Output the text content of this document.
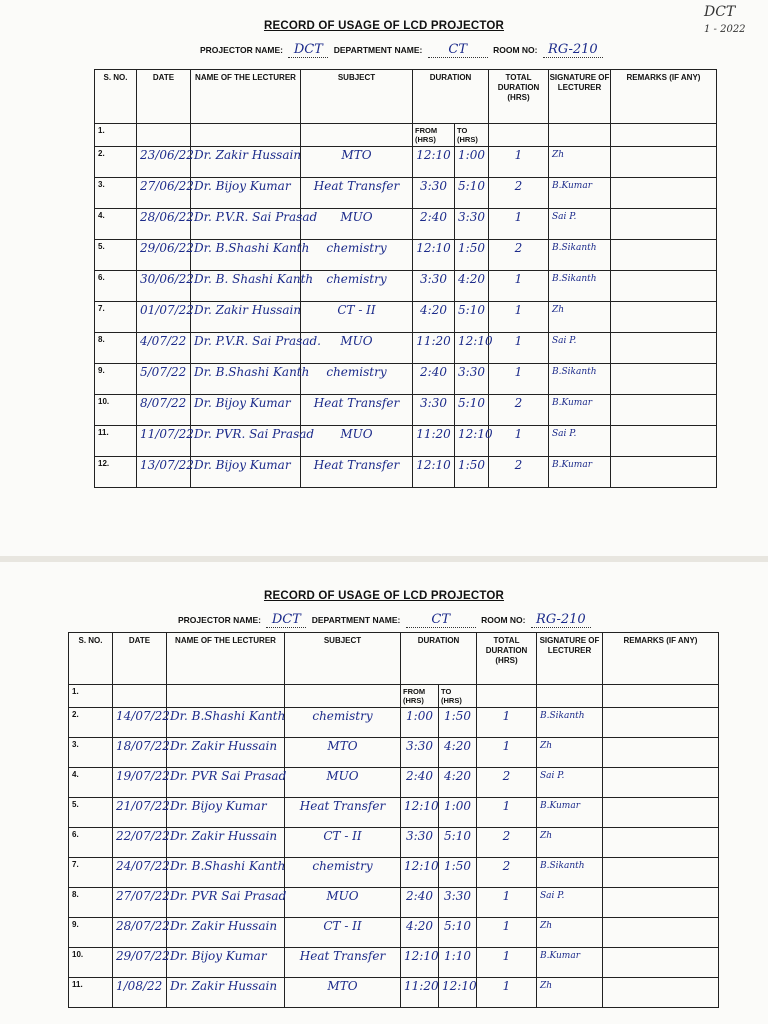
DCT
1 - 2022
RECORD OF USAGE OF LCD PROJECTOR
PROJECTOR NAME: DCT DEPARTMENT NAME: CT	ROOM NO: RG-210
S. NO.	DATE	NAME OF THE LECTURER	SUBJECT	DURATION		TOTAL DURATION (HRS)	SIGNATURE OF LECTURER	REMARKS (IF ANY)

1.				FROM (HRS)	TO (HRS)			
2.	23/06/22	Dr. Zakir Hussain	MTO	12:10	1:00	1	Zh	
3.	27/06/22	Dr. Bijoy Kumar	Heat Transfer	3:30	5:10	2	B.Kumar	
4.	28/06/22	Dr. P.V.R. Sai Prasad	MUO	2:40	3:30	1	Sai P.	
5.	29/06/22	Dr. B.Shashi Kanth	chemistry	12:10	1:50	2	B.Sikanth	
6.	30/06/22	Dr. B. Shashi Kanth	chemistry	3:30	4:20	1	B.Sikanth	
7.	01/07/22	Dr. Zakir Hussain	CT - II	4:20	5:10	1	Zh	
8.	4/07/22	Dr. P.V.R. Sai Prasad.	MUO	11:20	12:10	1	Sai P.	
9.	5/07/22	Dr. B.Shashi Kanth	chemistry	2:40	3:30	1	B.Sikanth	
10.	8/07/22	Dr. Bijoy Kumar	Heat Transfer	3:30	5:10	2	B.Kumar	
11.	11/07/22	Dr. PVR. Sai Prasad	MUO	11:20	12:10	1	Sai P.	
12.	13/07/22	Dr. Bijoy Kumar	Heat Transfer	12:10	1:50	2	B.Kumar	
RECORD OF USAGE OF LCD PROJECTOR
PROJECTOR NAME: DCT DEPARTMENT NAME: CT	ROOM NO: RG-210
S. NO.	DATE	NAME OF THE LECTURER	SUBJECT	DURATION		TOTAL DURATION (HRS)	SIGNATURE OF LECTURER	REMARKS (IF ANY)

1.				FROM (HRS)	TO (HRS)			
2.	14/07/22	Dr. B.Shashi Kanth	chemistry	1:00	1:50	1	B.Sikanth	
3.	18/07/22	Dr. Zakir Hussain	MTO	3:30	4:20	1	Zh	
4.	19/07/22	Dr. PVR Sai Prasad	MUO	2:40	4:20	2	Sai P.	
5.	21/07/22	Dr. Bijoy Kumar	Heat Transfer	12:10	1:00	1	B.Kumar	
6.	22/07/22	Dr. Zakir Hussain	CT - II	3:30	5:10	2	Zh	
7.	24/07/22	Dr. B.Shashi Kanth	chemistry	12:10	1:50	2	B.Sikanth	
8.	27/07/22	Dr. PVR Sai Prasad	MUO	2:40	3:30	1	Sai P.	
9.	28/07/22	Dr. Zakir Hussain	CT - II	4:20	5:10	1	Zh	
10.	29/07/22	Dr. Bijoy Kumar	Heat Transfer	12:10	1:10	1	B.Kumar	
11.	1/08/22	Dr. Zakir Hussain	MTO	11:20	12:10	1	Zh	
